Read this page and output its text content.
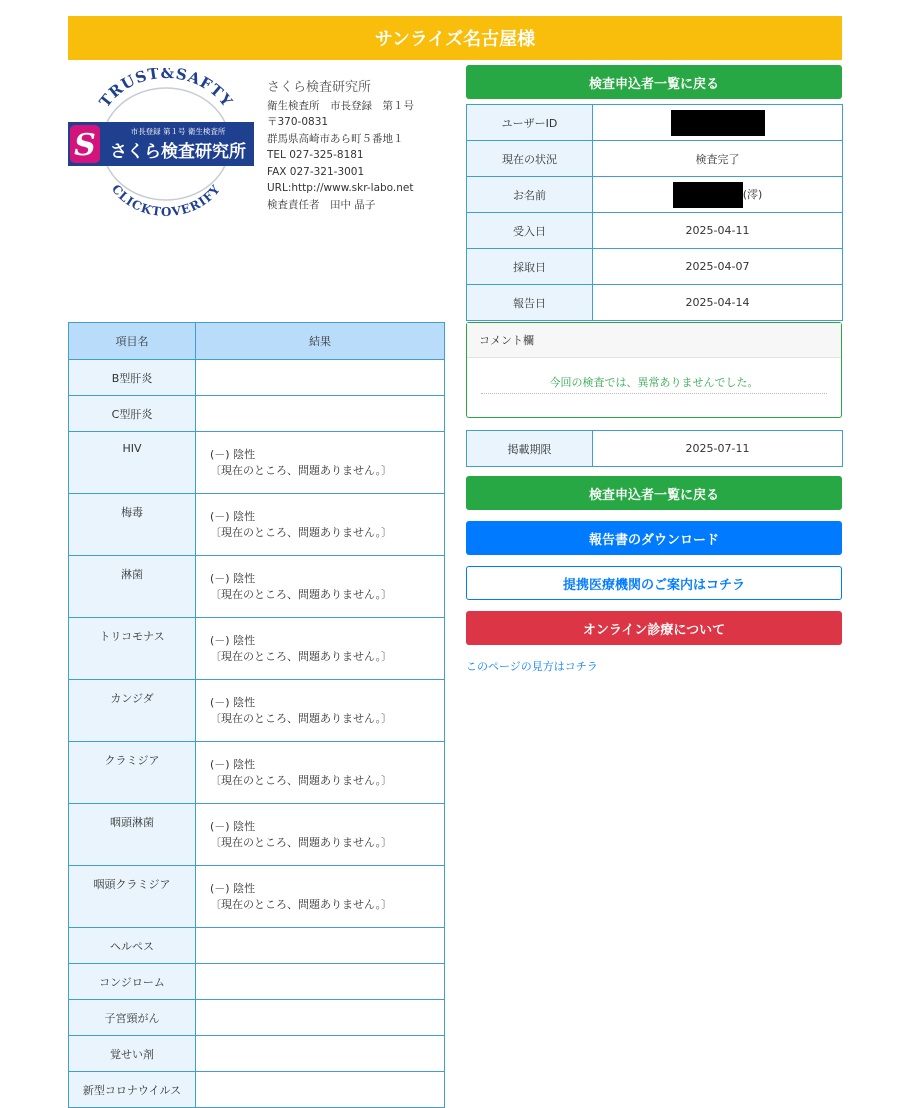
サンライズ名古屋様
TRUST&SAFTY
CLICKTOVERIFY
S	市長登録 第１号 衛生検査所
さくら検査研究所
さくら検査研究所
衛生検査所　市長登録　第１号
〒370-0831
群馬県高崎市あら町５番地１
TEL 027-325-8181
FAX 027-321-3001
URL:http://www.skr-labo.net
検査責任者　田中 晶子
検査申込者一覧に戻る
ユーザーID	
現在の状況	検査完了
お名前	(澪)
受入日	2025-04-11
採取日	2025-04-07
報告日	2025-04-14
コメント欄
今回の検査では、異常ありませんでした。
掲載期限	2025-07-11
検査申込者一覧に戻る
報告書のダウンロード
提携医療機関のご案内はコチラ
オンライン診療について
このページの見方はコチラ
項目名	結果
B型肝炎	
C型肝炎	
HIV	(－) 陰性
〔現在のところ、問題ありません。〕

梅毒	(－) 陰性
〔現在のところ、問題ありません。〕

淋菌	(－) 陰性
〔現在のところ、問題ありません。〕

トリコモナス	(－) 陰性
〔現在のところ、問題ありません。〕

カンジダ	(－) 陰性
〔現在のところ、問題ありません。〕

クラミジア	(－) 陰性
〔現在のところ、問題ありません。〕

咽頭淋菌	(－) 陰性
〔現在のところ、問題ありません。〕

咽頭クラミジア	(－) 陰性
〔現在のところ、問題ありません。〕

ヘルペス	
コンジローム	
子宮頸がん	
覚せい剤	
新型コロナウイルス	
